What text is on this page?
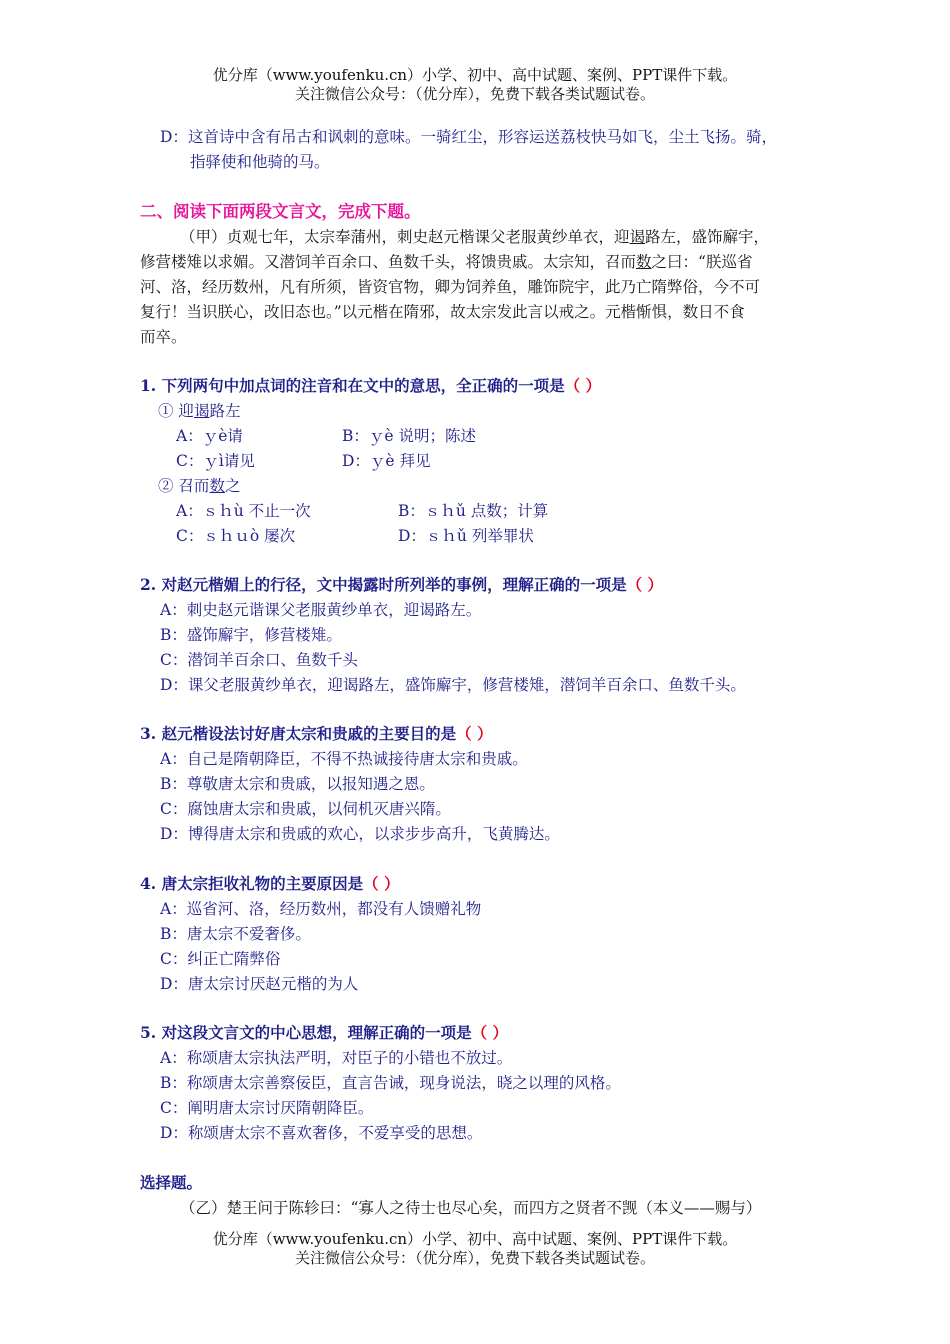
优分库（www.youfenku.cn）小学、初中、高中试题、案例、PPT课件下载。
关注微信公众号：（优分库），免费下载各类试题试卷。
D：这首诗中含有吊古和讽刺的意味。一骑红尘，形容运送荔枝快马如飞，尘土飞扬。骑，
指驿使和他骑的马。
二、阅读下面两段文言文，完成下题。
（甲）贞观七年，太宗奉蒲州，刺史赵元楷课父老服黄纱单衣，迎谒路左，盛饰廨宇，
修营楼雉以求媚。又潜饲羊百余口、鱼数千头，将馈贵戚。太宗知，召而数之曰：“朕巡省
河、洛，经历数州，凡有所须，皆资官物，卿为饲养鱼，雕饰院宇，此乃亡隋弊俗，今不可
复行！当识朕心，改旧态也。”以元楷在隋邪，故太宗发此言以戒之。元楷惭惧，数日不食
而卒。
1. 下列两句中加点词的注音和在文中的意思，全正确的一项是（ ）
① 迎谒路左
A：ｙè请	B：ｙè 说明；陈述
C：ｙì请见	D：ｙè 拜见
② 召而数之
A：ｓｈù 不止一次	B：ｓｈǔ 点数；计算
C：ｓｈｕò 屡次	D：ｓｈǔ 列举罪状
2. 对赵元楷媚上的行径，文中揭露时所列举的事例，理解正确的一项是（ ）
A：刺史赵元谐课父老服黄纱单衣，迎谒路左。
B：盛饰廨宇，修营楼雉。
C：潜饲羊百余口、鱼数千头
D：课父老服黄纱单衣，迎谒路左，盛饰廨宇，修营楼雉，潜饲羊百余口、鱼数千头。
3. 赵元楷设法讨好唐太宗和贵戚的主要目的是（ ）
A：自己是隋朝降臣，不得不热诚接待唐太宗和贵戚。
B：尊敬唐太宗和贵戚，以报知遇之恩。
C：腐蚀唐太宗和贵戚，以伺机灭唐兴隋。
D：博得唐太宗和贵戚的欢心，以求步步高升，飞黄腾达。
4. 唐太宗拒收礼物的主要原因是（ ）
A：巡省河、洛，经历数州，都没有人馈赠礼物
B：唐太宗不爱奢侈。
C：纠正亡隋弊俗
D：唐太宗讨厌赵元楷的为人
5. 对这段文言文的中心思想，理解正确的一项是（ ）
A：称颂唐太宗执法严明，对臣子的小错也不放过。
B：称颂唐太宗善察佞臣，直言告诫，现身说法，晓之以理的风格。
C：阐明唐太宗讨厌隋朝降臣。
D：称颂唐太宗不喜欢奢侈，不爱享受的思想。
选择题。
（乙）楚王问于陈轸曰：“寡人之待士也尽心矣，而四方之贤者不觊（本义——赐与）
优分库（www.youfenku.cn）小学、初中、高中试题、案例、PPT课件下载。
关注微信公众号：（优分库），免费下载各类试题试卷。
